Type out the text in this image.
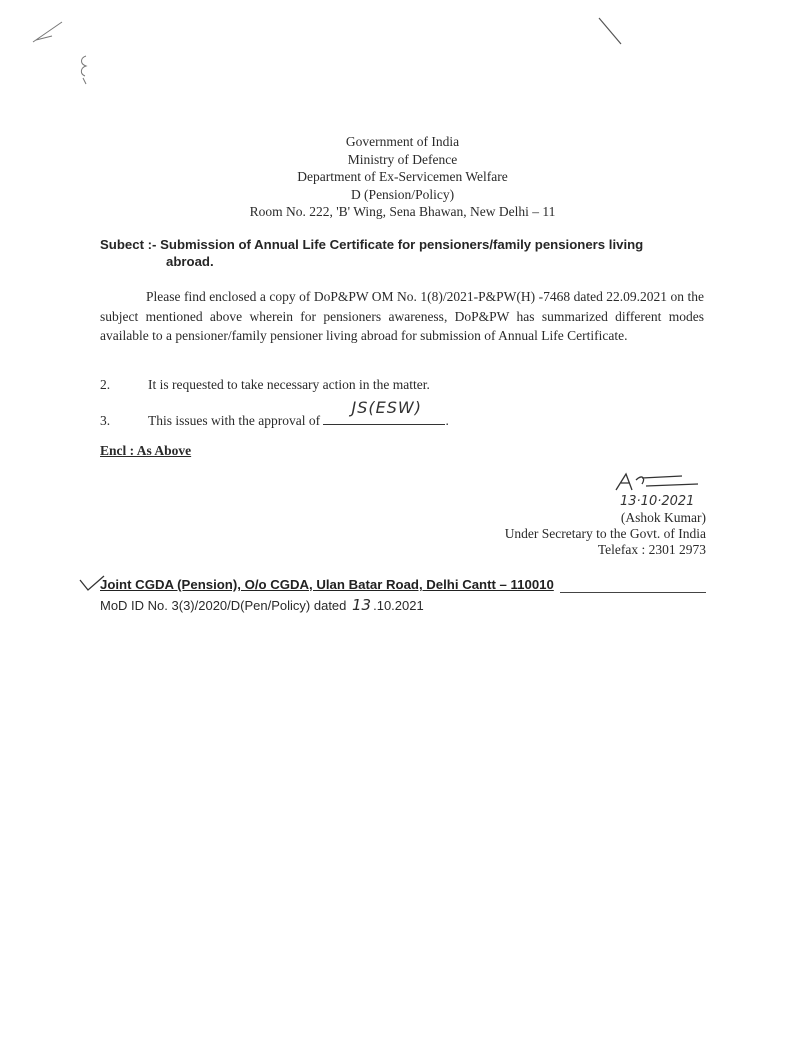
Government of India
Ministry of Defence
Department of Ex-Servicemen Welfare
D (Pension/Policy)
Room No. 222, 'B' Wing, Sena Bhawan, New Delhi – 11
Subect :- Submission of Annual Life Certificate for pensioners/family pensioners living
abroad.
Please find enclosed a copy of DoP&PW OM No. 1(8)/2021-P&PW(H) -7468 dated 22.09.2021 on the subject mentioned above wherein for pensioners awareness, DoP&PW has summarized different modes available to a pensioner/family pensioner living abroad for submission of Annual Life Certificate.
2.	It is requested to take necessary action in the matter.
3.	This issues with the approval of
JS(ESW)
.
Encl : As Above
13·10·2021
(Ashok Kumar)
Under Secretary to the Govt. of India
Telefax : 2301 2973
Joint CGDA (Pension), O/o CGDA, Ulan Batar Road, Delhi Cantt – 110010
MoD ID No. 3(3)/2020/D(Pen/Policy) dated 13 .10.2021
